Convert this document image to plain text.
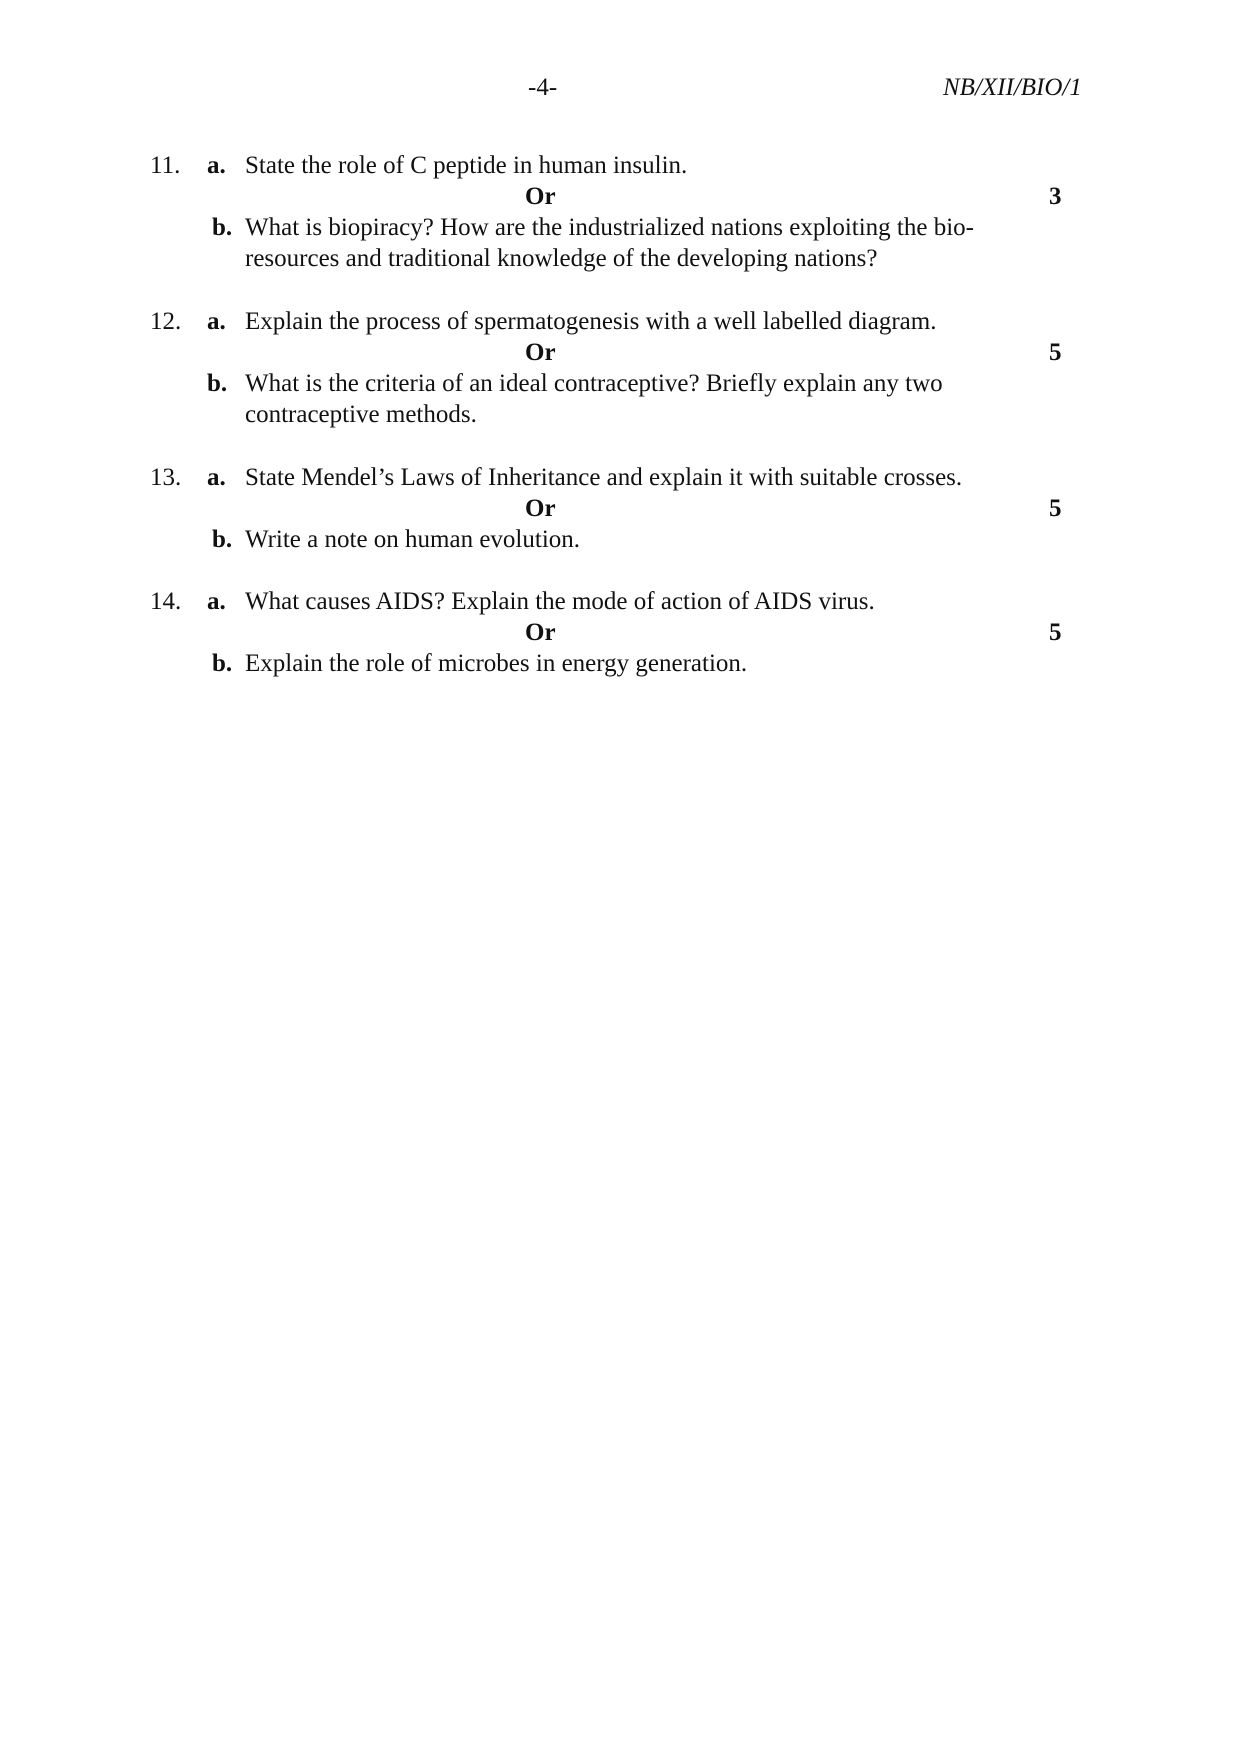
-4-	NB/XII/BIO/1
11. a. State the role of C peptide in human insulin.
Or	3
b. What is biopiracy? How are the industrialized nations exploiting the bio-resources and traditional knowledge of the developing nations?
12. a. Explain the process of spermatogenesis with a well labelled diagram.
Or	5
b. What is the criteria of an ideal contraceptive? Briefly explain any two contraceptive methods.
13. a. State Mendel’s Laws of Inheritance and explain it with suitable crosses.
Or	5
b. Write a note on human evolution.
14. a. What causes AIDS? Explain the mode of action of AIDS virus.
Or	5
b. Explain the role of microbes in energy generation.
